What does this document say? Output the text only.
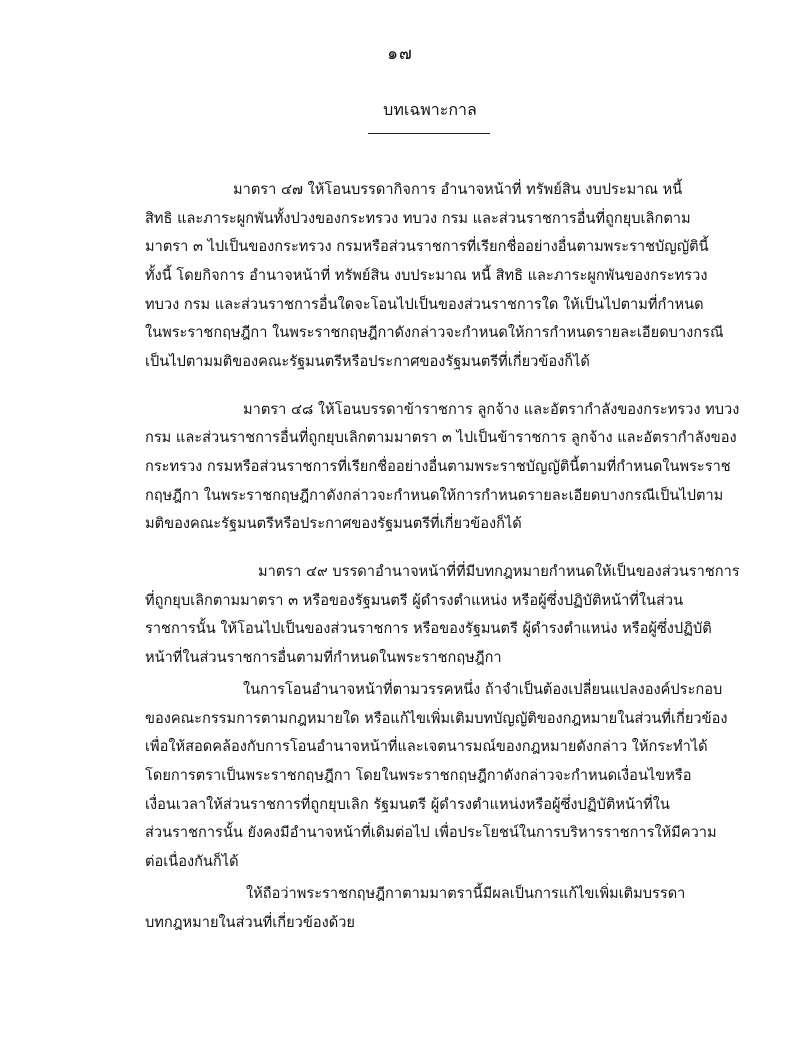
๑๗
บทเฉพาะกาล
มาตรา ๔๗ ให้โอนบรรดากิจการ อำนาจหน้าที่ ทรัพย์สิน งบประมาณ หนี้
สิทธิ และภาระผูกพันทั้งปวงของกระทรวง ทบวง กรม และส่วนราชการอื่นที่ถูกยุบเลิกตาม
มาตรา ๓ ไปเป็นของกระทรวง กรมหรือส่วนราชการที่เรียกชื่ออย่างอื่นตามพระราชบัญญัตินี้
ทั้งนี้ โดยกิจการ อำนาจหน้าที่ ทรัพย์สิน งบประมาณ หนี้ สิทธิ และภาระผูกพันของกระทรวง
ทบวง กรม และส่วนราชการอื่นใดจะโอนไปเป็นของส่วนราชการใด ให้เป็นไปตามที่กำหนด
ในพระราชกฤษฎีกา ในพระราชกฤษฎีกาดังกล่าวจะกำหนดให้การกำหนดรายละเอียดบางกรณี
เป็นไปตามมติของคณะรัฐมนตรีหรือประกาศของรัฐมนตรีที่เกี่ยวข้องก็ได้
มาตรา ๔๘ ให้โอนบรรดาข้าราชการ ลูกจ้าง และอัตรากำลังของกระทรวง ทบวง
กรม และส่วนราชการอื่นที่ถูกยุบเลิกตามมาตรา ๓ ไปเป็นข้าราชการ ลูกจ้าง และอัตรากำลังของ
กระทรวง กรมหรือส่วนราชการที่เรียกชื่ออย่างอื่นตามพระราชบัญญัตินี้ตามที่กำหนดในพระราช
กฤษฎีกา ในพระราชกฤษฎีกาดังกล่าวจะกำหนดให้การกำหนดรายละเอียดบางกรณีเป็นไปตาม
มติของคณะรัฐมนตรีหรือประกาศของรัฐมนตรีที่เกี่ยวข้องก็ได้
มาตรา ๔๙ บรรดาอำนาจหน้าที่ที่มีบทกฎหมายกำหนดให้เป็นของส่วนราชการ
ที่ถูกยุบเลิกตามมาตรา ๓ หรือของรัฐมนตรี ผู้ดำรงตำแหน่ง หรือผู้ซึ่งปฏิบัติหน้าที่ในส่วน
ราชการนั้น ให้โอนไปเป็นของส่วนราชการ หรือของรัฐมนตรี ผู้ดำรงตำแหน่ง หรือผู้ซึ่งปฏิบัติ
หน้าที่ในส่วนราชการอื่นตามที่กำหนดในพระราชกฤษฎีกา
ในการโอนอำนาจหน้าที่ตามวรรคหนึ่ง ถ้าจำเป็นต้องเปลี่ยนแปลงองค์ประกอบ
ของคณะกรรมการตามกฎหมายใด หรือแก้ไขเพิ่มเติมบทบัญญัติของกฎหมายในส่วนที่เกี่ยวข้อง
เพื่อให้สอดคล้องกับการโอนอำนาจหน้าที่และเจตนารมณ์ของกฎหมายดังกล่าว ให้กระทำได้
โดยการตราเป็นพระราชกฤษฎีกา โดยในพระราชกฤษฎีกาดังกล่าวจะกำหนดเงื่อนไขหรือ
เงื่อนเวลาให้ส่วนราชการที่ถูกยุบเลิก รัฐมนตรี ผู้ดำรงตำแหน่งหรือผู้ซึ่งปฏิบัติหน้าที่ใน
ส่วนราชการนั้น ยังคงมีอำนาจหน้าที่เดิมต่อไป เพื่อประโยชน์ในการบริหารราชการให้มีความ
ต่อเนื่องกันก็ได้
ให้ถือว่าพระราชกฤษฎีกาตามมาตรานี้มีผลเป็นการแก้ไขเพิ่มเติมบรรดา
บทกฎหมายในส่วนที่เกี่ยวข้องด้วย
